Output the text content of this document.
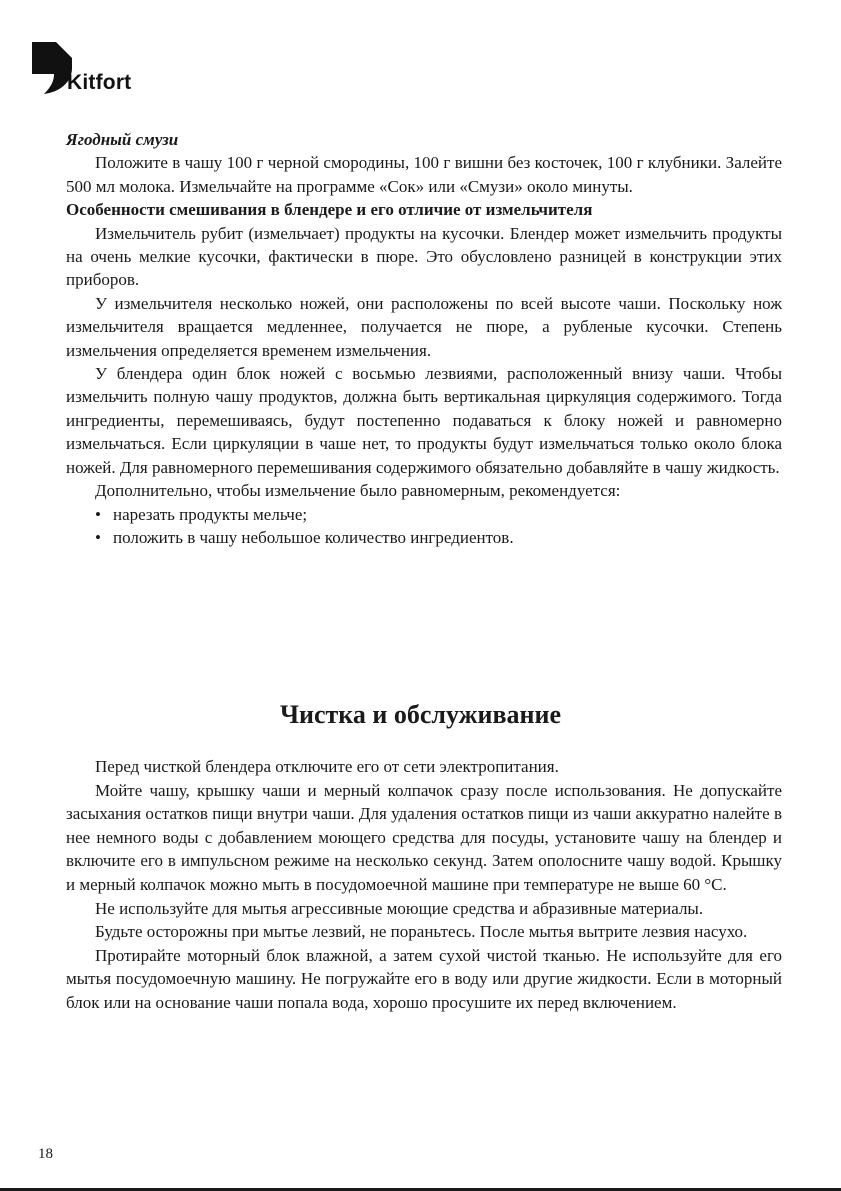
Kitfort

Ягодный смузи

Положите в чашу 100 г черной смородины, 100 г вишни без косточек, 100 г клубники. Залейте 500 мл молока. Измельчайте на программе «Сок» или «Смузи» около минуты.

Особенности смешивания в блендере и его отличие от измельчителя

Измельчитель рубит (измельчает) продукты на кусочки. Блендер может измельчить продукты на очень мелкие кусочки, фактически в пюре. Это обусловлено разницей в конструкции этих приборов.

У измельчителя несколько ножей, они расположены по всей высоте чаши. Поскольку нож измельчителя вращается медленнее, получается не пюре, а рубленые кусочки. Степень измельчения определяется временем измельчения.

У блендера один блок ножей с восьмью лезвиями, расположенный внизу чаши. Чтобы измельчить полную чашу продуктов, должна быть вертикальная циркуляция содержимого. Тогда ингредиенты, перемешиваясь, будут постепенно подаваться к блоку ножей и равномерно измельчаться. Если циркуляции в чаше нет, то продукты будут измельчаться только около блока ножей. Для равномерного перемешивания содержимого обязательно добавляйте в чашу жидкость.

Дополнительно, чтобы измельчение было равномерным, рекомендуется:

• нарезать продукты мельче;
• положить в чашу небольшое количество ингредиентов.
Чистка и обслуживание

Перед чисткой блендера отключите его от сети электропитания.

Мойте чашу, крышку чаши и мерный колпачок сразу после использования. Не допускайте засыхания остатков пищи внутри чаши. Для удаления остатков пищи из чаши аккуратно налейте в нее немного воды с добавлением моющего средства для посуды, установите чашу на блендер и включите его в импульсном режиме на несколько секунд. Затем ополосните чашу водой. Крышку и мерный колпачок можно мыть в посудомоечной машине при температуре не выше 60 °С.

Не используйте для мытья агрессивные моющие средства и абразивные материалы.

Будьте осторожны при мытье лезвий, не пораньтесь. После мытья вытрите лезвия насухо.

Протирайте моторный блок влажной, а затем сухой чистой тканью. Не используйте для его мытья посудомоечную машину. Не погружайте его в воду или другие жидкости. Если в моторный блок или на основание чаши попала вода, хорошо просушите их перед включением.

18
